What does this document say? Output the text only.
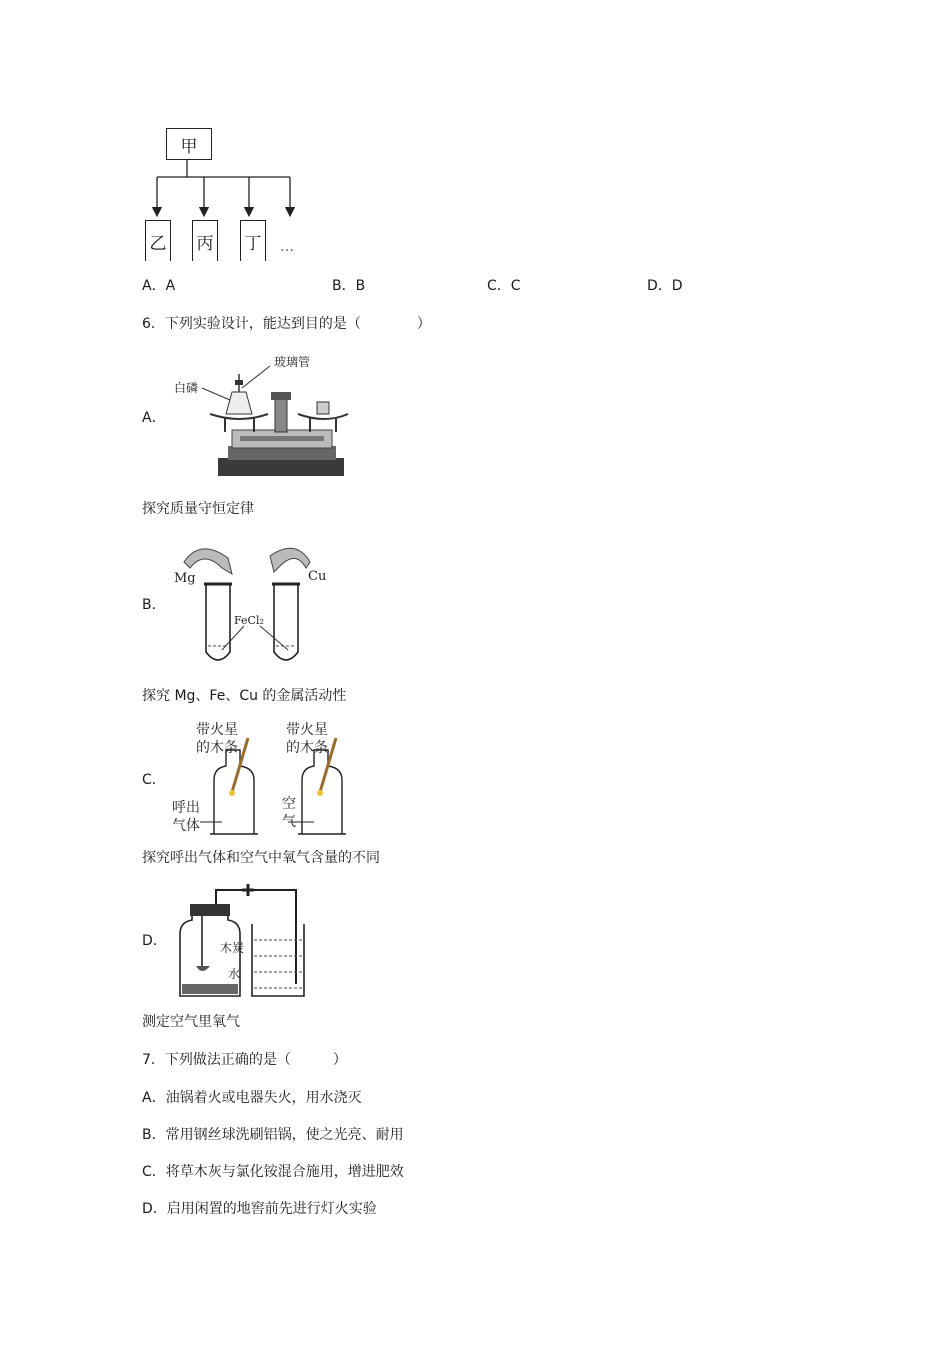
甲
乙 丙 丁 …
A．A	B．B	C．C	D．D
6．下列实验设计，能达到目的是（　　　　）
A．
白磷
玻璃管
探究质量守恒定律
B．
Mg	Cu
FeCl₂
探究 Mg、Fe、Cu 的金属活动性
C．
带火星
的木条
带火星
的木条
呼出
气体
空
气
探究呼出气体和空气中氧气含量的不同
D．	木炭
水
测定空气里氧气
7．下列做法正确的是（　　　）
A．油锅着火或电器失火，用水浇灭
B．常用钢丝球洗刷铝锅，使之光亮、耐用
C．将草木灰与氯化铵混合施用，增进肥效
D．启用闲置的地窖前先进行灯火实验
